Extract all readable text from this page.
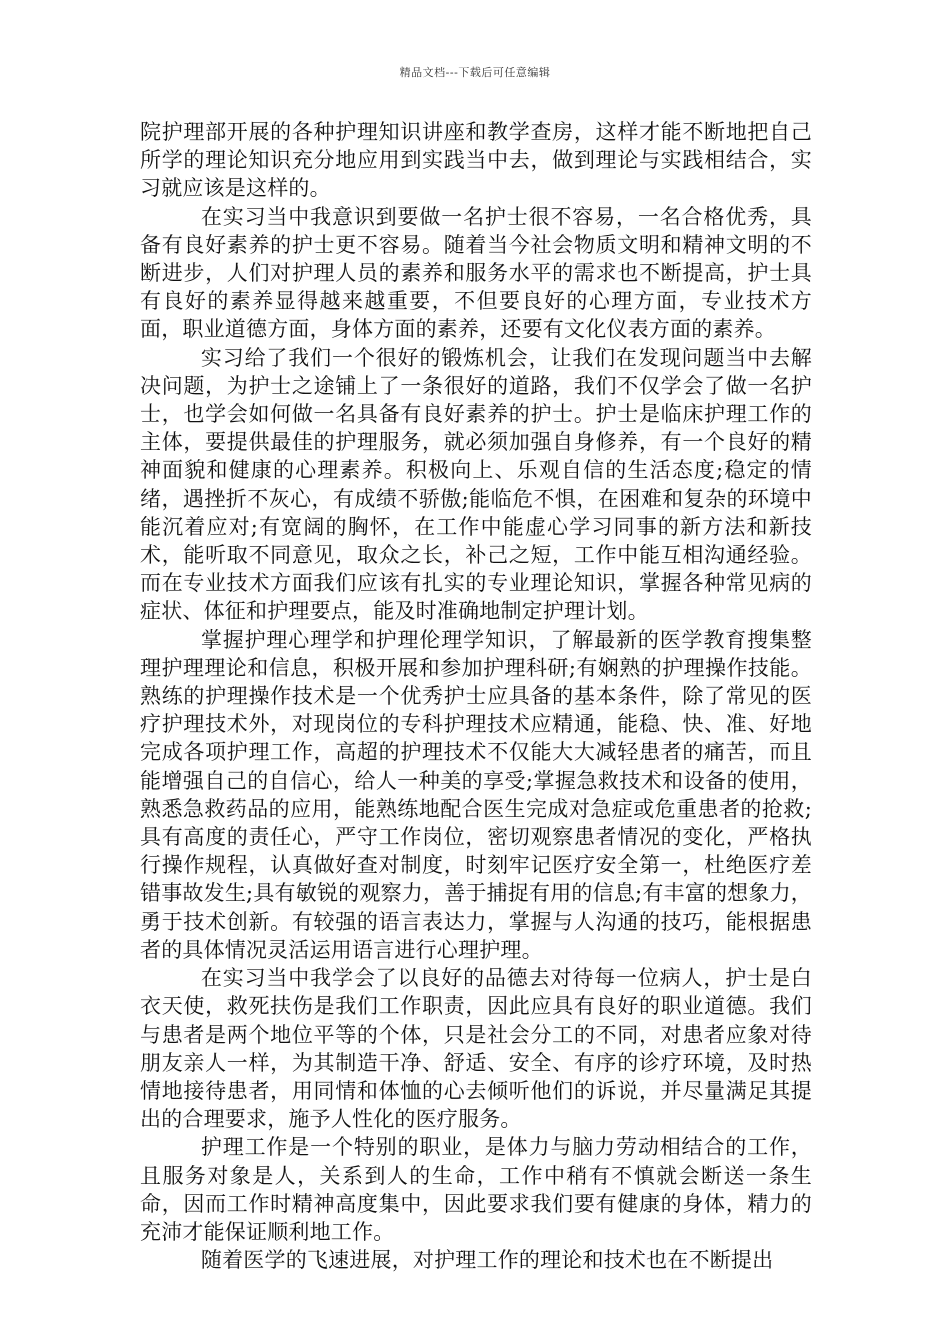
精品文档---下载后可任意编辑

院护理部开展的各种护理知识讲座和教学查房，这样才能不断地把自己所学的理论知识充分地应用到实践当中去，做到理论与实践相结合，实习就应该是这样的。

在实习当中我意识到要做一名护士很不容易，一名合格优秀，具备有良好素养的护士更不容易。随着当今社会物质文明和精神文明的不断进步，人们对护理人员的素养和服务水平的需求也不断提高，护士具有良好的素养显得越来越重要，不但要良好的心理方面，专业技术方面，职业道德方面，身体方面的素养，还要有文化仪表方面的素养。

实习给了我们一个很好的锻炼机会，让我们在发现问题当中去解决问题，为护士之途铺上了一条很好的道路，我们不仅学会了做一名护士，也学会如何做一名具备有良好素养的护士。护士是临床护理工作的主体，要提供最佳的护理服务，就必须加强自身修养，有一个良好的精神面貌和健康的心理素养。积极向上、乐观自信的生活态度;稳定的情绪，遇挫折不灰心，有成绩不骄傲;能临危不惧，在困难和复杂的环境中能沉着应对;有宽阔的胸怀，在工作中能虚心学习同事的新方法和新技术，能听取不同意见，取众之长，补己之短，工作中能互相沟通经验。而在专业技术方面我们应该有扎实的专业理论知识，掌握各种常见病的症状、体征和护理要点，能及时准确地制定护理计划。

掌握护理心理学和护理伦理学知识，了解最新的医学教育搜集整理护理理论和信息，积极开展和参加护理科研;有娴熟的护理操作技能。熟练的护理操作技术是一个优秀护士应具备的基本条件，除了常见的医疗护理技术外，对现岗位的专科护理技术应精通，能稳、快、准、好地完成各项护理工作，高超的护理技术不仅能大大减轻患者的痛苦，而且能增强自己的自信心，给人一种美的享受;掌握急救技术和设备的使用，熟悉急救药品的应用，能熟练地配合医生完成对急症或危重患者的抢救;具有高度的责任心，严守工作岗位，密切观察患者情况的变化，严格执行操作规程，认真做好查对制度，时刻牢记医疗安全第一，杜绝医疗差错事故发生;具有敏锐的观察力，善于捕捉有用的信息;有丰富的想象力，勇于技术创新。有较强的语言表达力，掌握与人沟通的技巧，能根据患者的具体情况灵活运用语言进行心理护理。

在实习当中我学会了以良好的品德去对待每一位病人，护士是白衣天使，救死扶伤是我们工作职责，因此应具有良好的职业道德。我们与患者是两个地位平等的个体，只是社会分工的不同，对患者应象对待朋友亲人一样，为其制造干净、舒适、安全、有序的诊疗环境，及时热情地接待患者，用同情和体恤的心去倾听他们的诉说，并尽量满足其提出的合理要求，施予人性化的医疗服务。

护理工作是一个特别的职业，是体力与脑力劳动相结合的工作，且服务对象是人，关系到人的生命，工作中稍有不慎就会断送一条生命，因而工作时精神高度集中，因此要求我们要有健康的身体，精力的充沛才能保证顺利地工作。

随着医学的飞速进展，对护理工作的理论和技术也在不断提出
